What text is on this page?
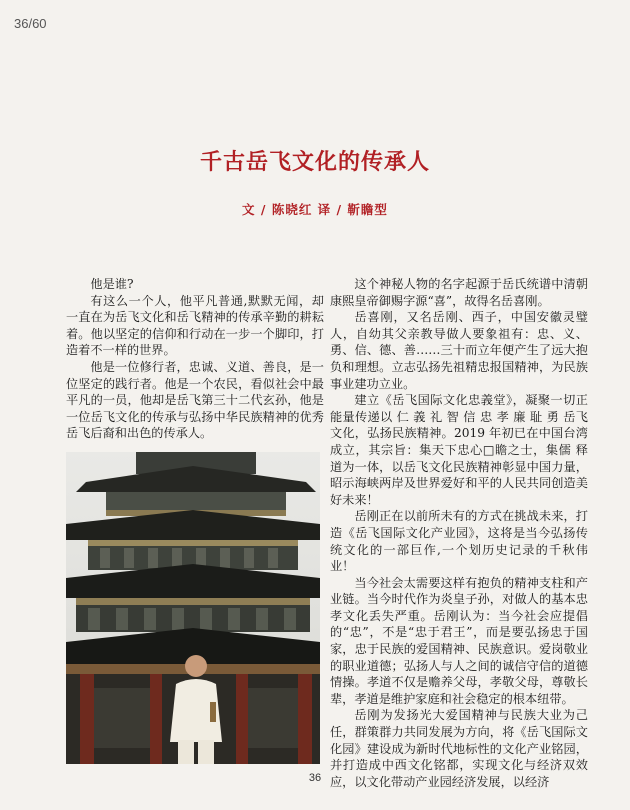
36/60
千古岳飞文化的传承人
文 / 陈晓红 译 / 靳瞻型

他是谁?

有这么一个人，他平凡普通,默默无闻，却一直在为岳飞文化和岳飞精神的传承辛勤的耕耘着。他以坚定的信仰和行动在一步一个脚印，打造着不一样的世界。

他是一位修行者，忠诚、义道、善良，是一位坚定的践行者。他是一个农民，看似社会中最平凡的一员，他却是岳飞第三十二代玄孙，他是一位岳飞文化的传承与弘扬中华民族精神的优秀岳飞后裔和出色的传承人。

这个神秘人物的名字起源于岳氏统谱中清朝康熙皇帝御赐字源“喜”，故得名岳喜刚。

岳喜刚，又名岳刚、西子，中国安徽灵璧人，自幼其父亲教导做人要象祖有：忠、义、勇、信、德、善……三十而立年便产生了远大抱负和理想。立志弘扬先祖精忠报国精神，为民族事业建功立业。

建立《岳飞国际文化忠義堂》，凝聚一切正能量传递以 仁 義 礼 智 信 忠 孝 廉 耻 勇 岳飞文化，弘扬民族精神。2019 年初已在中国台湾成立，其宗旨：集天下忠心□瞻之士，集儒 释 道为一体，以岳飞文化民族精神彰显中国力量，昭示海峡两岸及世界爱好和平的人民共同创造美好未来！

岳刚正在以前所未有的方式在挑战未来，打造《岳飞国际文化产业园》，这将是当今弘扬传统文化的一部巨作,一个划历史记录的千秋伟业！

当今社会太需要这样有抱负的精神支柱和产业链。当今时代作为炎皇子孙，对做人的基本忠孝文化丢失严重。岳刚认为：当今社会应提倡的“忠”，不是“忠于君王”，而是要弘扬忠于国家，忠于民族的爱国精神、民族意识。爱岗敬业的职业道德；弘扬人与人之间的诚信守信的道德情操。孝道不仅是赡养父母，孝敬父母，尊敬长辈，孝道是维护家庭和社会稳定的根本纽带。

岳刚为发扬光大爱国精神与民族大业为己任，群策群力共同发展为方向，将《岳飞国际文化园》建设成为新时代地标性的文化产业铭园，并打造成中西文化铭都，实现文化与经济双效应，以文化带动产业园经济发展，以经济

36
